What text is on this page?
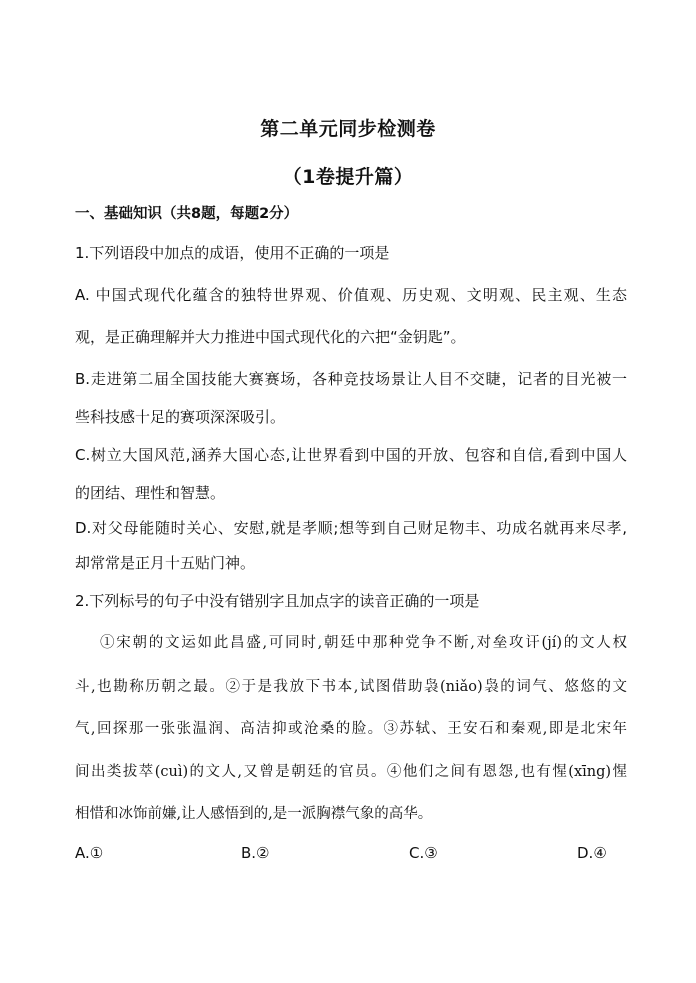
第二单元同步检测卷
（1卷提升篇）
一、基础知识（共8题，每题2分）
1.下列语段中加点的成语，使用不正确的一项是
A. 中国式现代化蕴含的独特世界观、价值观、历史观、文明观、民主观、生态
观，是正确理解并大力推进中国式现代化的六把“金钥匙”。
B.走进第二届全国技能大赛赛场，各种竞技场景让人目不交睫，记者的目光被一
些科技感十足的赛项深深吸引。
C.树立大国风范,涵养大国心态,让世界看到中国的开放、包容和自信,看到中国人
的团结、理性和智慧。
D.对父母能随时关心、安慰,就是孝顺;想等到自己财足物丰、功成名就再来尽孝,
却常常是正月十五贴门神。
2.下列标号的句子中没有错别字且加点字的读音正确的一项是
①宋朝的文运如此昌盛,可同时,朝廷中那种党争不断,对垒攻讦(jí)的文人权
斗,也勘称历朝之最。②于是我放下书本,试图借助袅(niǎo)袅的词气、悠悠的文
气,回探那一张张温润、高洁抑或沧桑的脸。③苏轼、王安石和秦观,即是北宋年
间出类拔萃(cuì)的文人,又曾是朝廷的官员。④他们之间有恩怨,也有惺(xīng)惺
相惜和冰饰前嫌,让人感悟到的,是一派胸襟气象的高华。
A.①	B.②	C.③	D.④
